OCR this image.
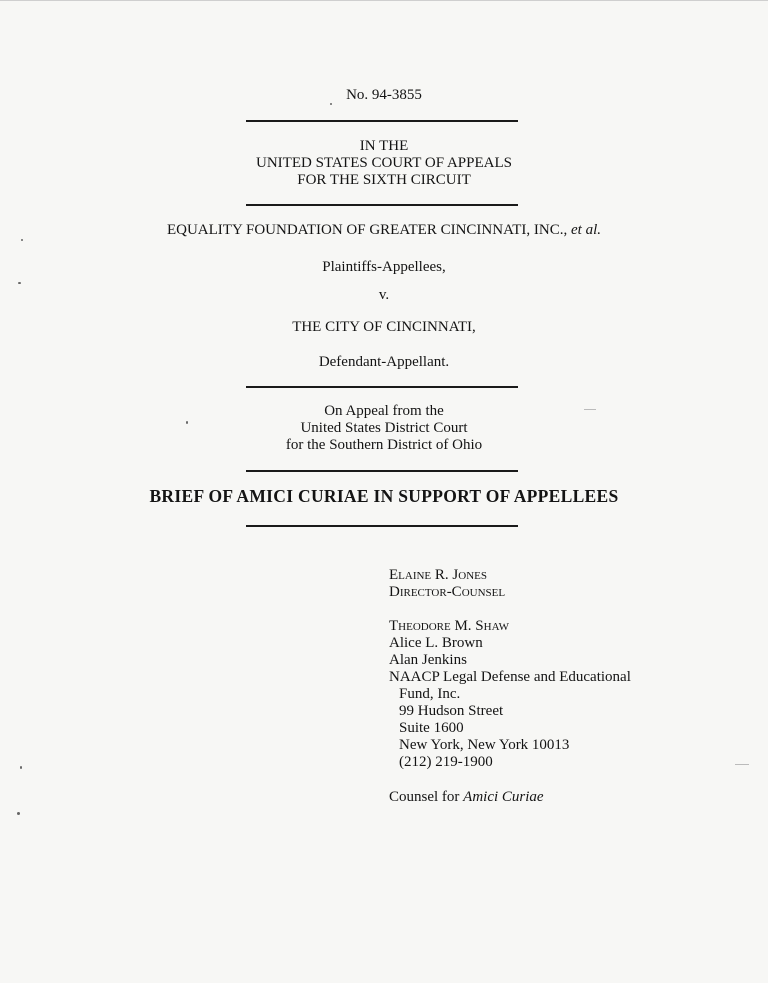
No. 94-3855
IN THE
UNITED STATES COURT OF APPEALS
FOR THE SIXTH CIRCUIT
EQUALITY FOUNDATION OF GREATER CINCINNATI, INC., et al.
Plaintiffs-Appellees,
v.
THE CITY OF CINCINNATI,
Defendant-Appellant.
On Appeal from the
United States District Court
for the Southern District of Ohio
BRIEF OF AMICI CURIAE IN SUPPORT OF APPELLEES
Elaine R. Jones
Director-Counsel
Theodore M. Shaw
Alice L. Brown
Alan Jenkins
NAACP Legal Defense and Educational
Fund, Inc.
99 Hudson Street
Suite 1600
New York, New York 10013
(212) 219-1900
Counsel for Amici Curiae
